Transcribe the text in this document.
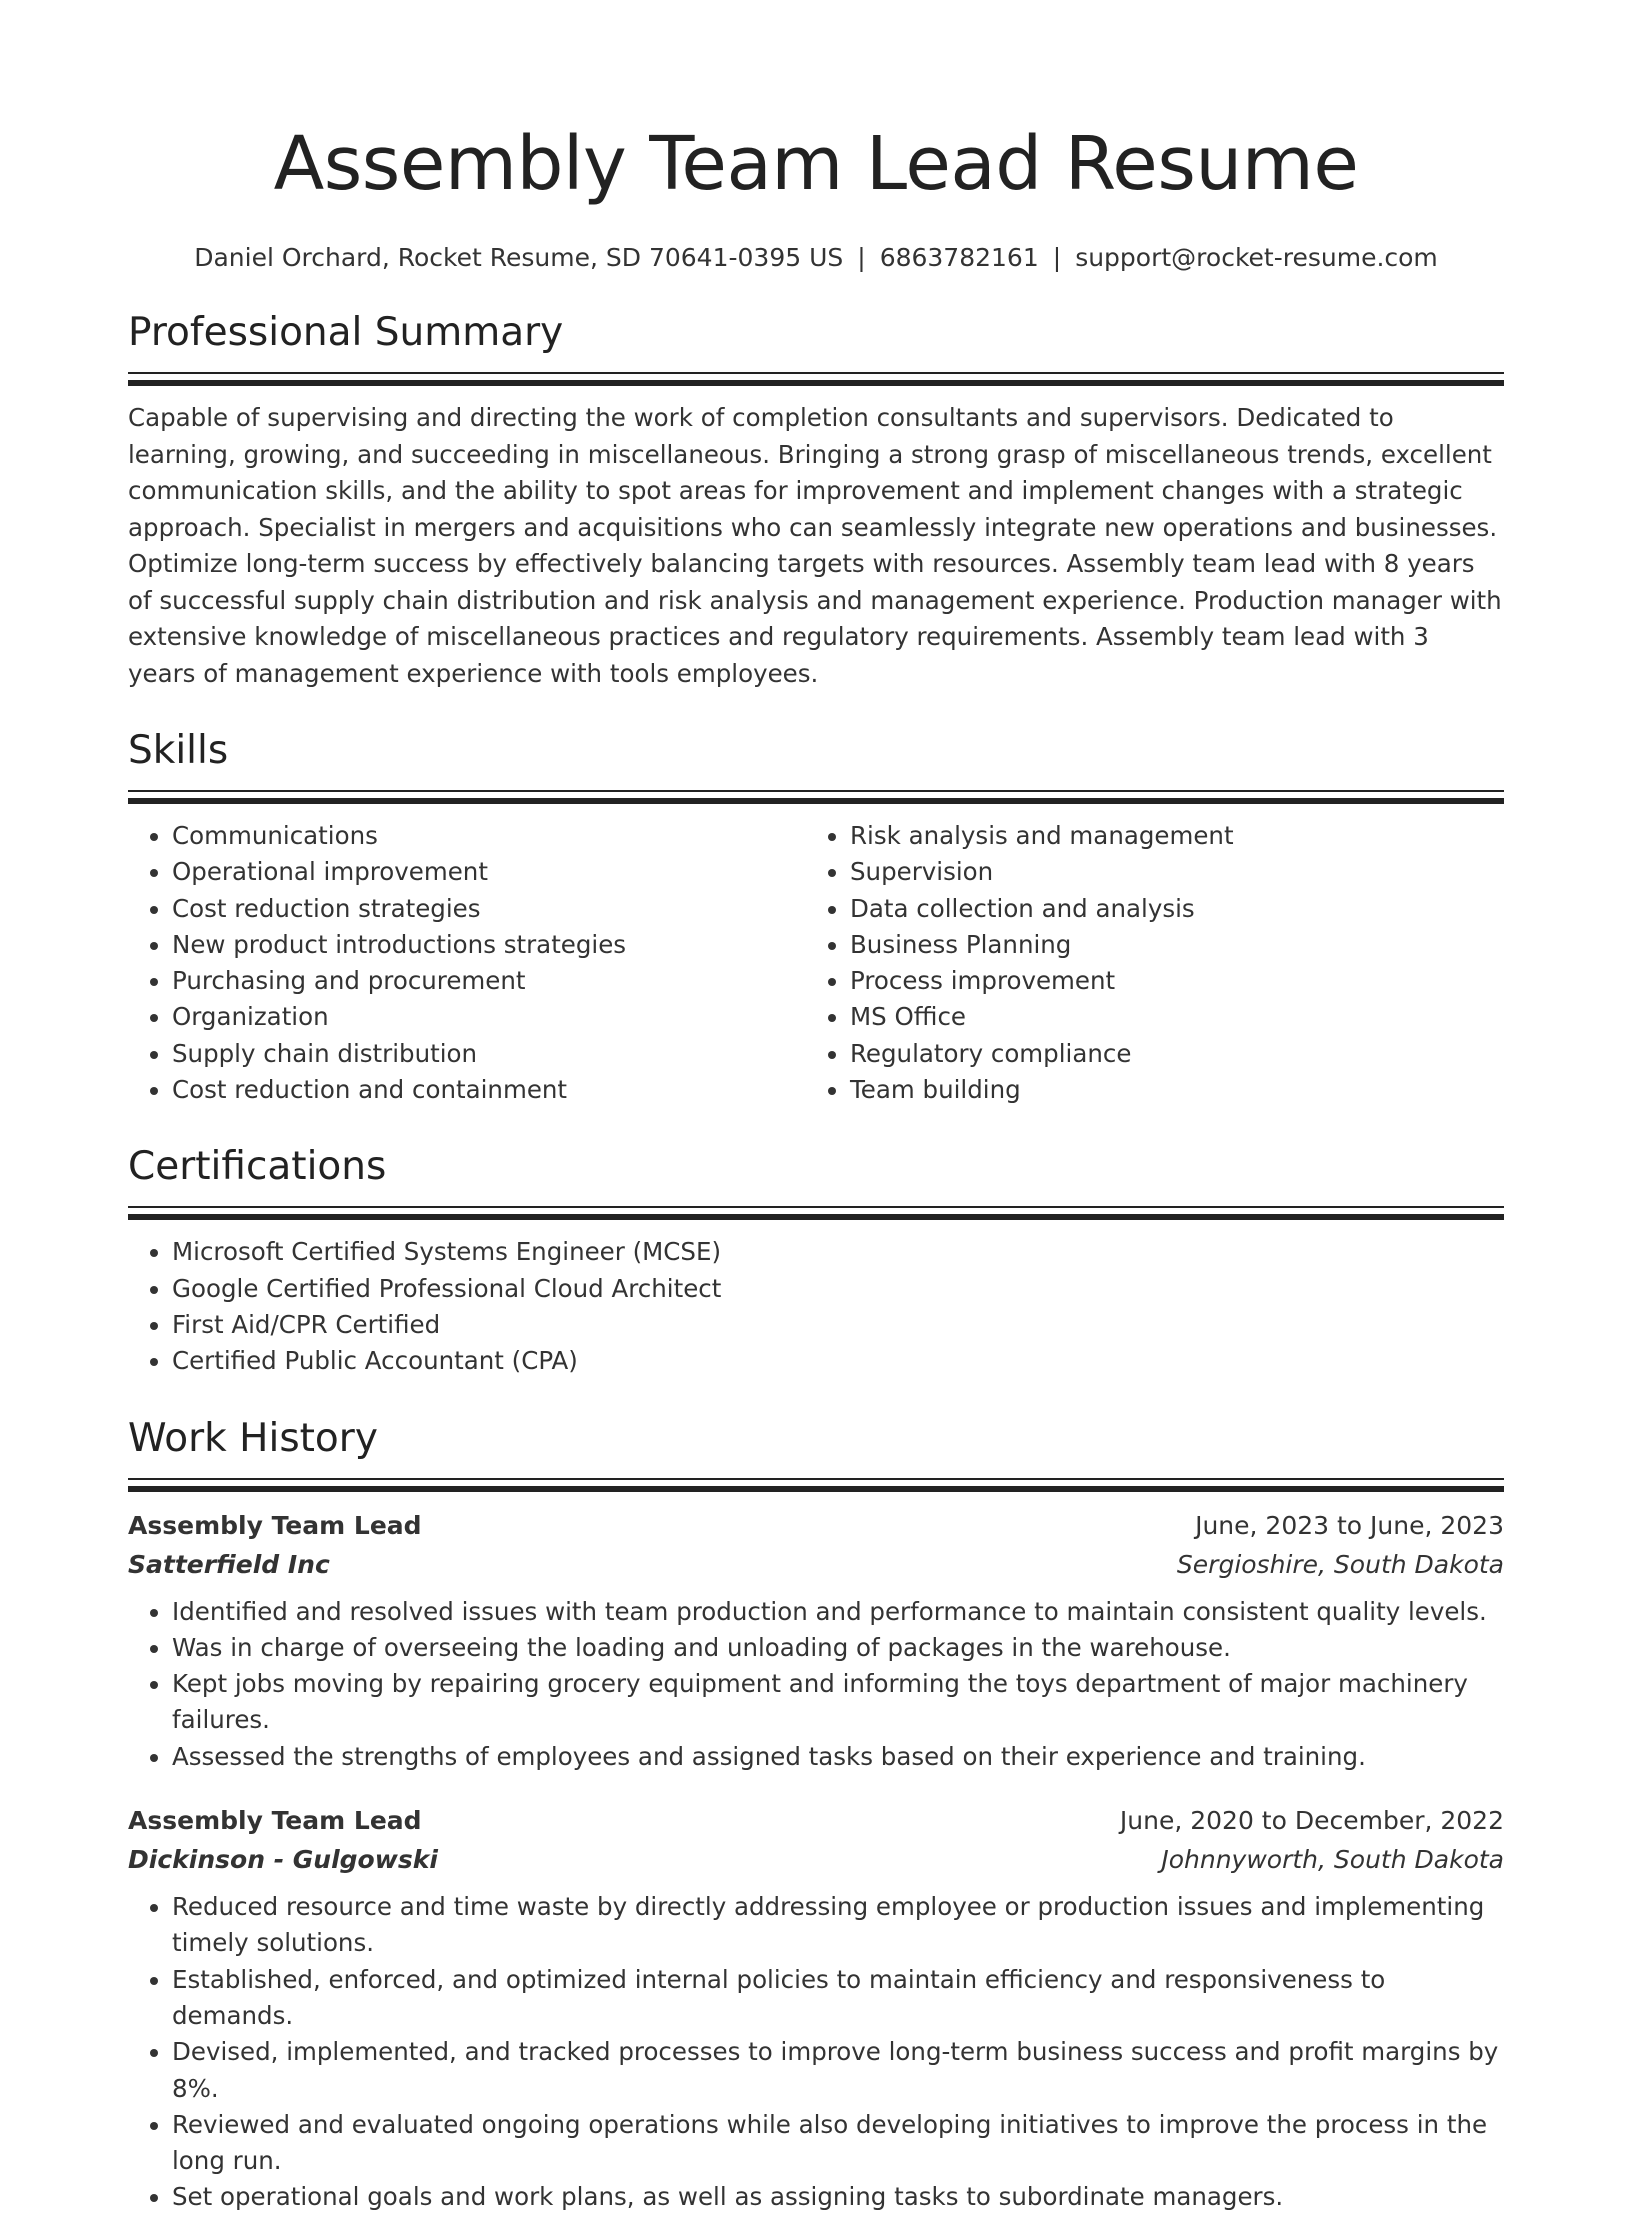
Assembly Team Lead Resume
Daniel Orchard, Rocket Resume, SD 70641-0395 US | 6863782161 | support@rocket-resume.com
Professional Summary

Capable of supervising and directing the work of completion consultants and supervisors. Dedicated to learning, growing, and succeeding in miscellaneous. Bringing a strong grasp of miscellaneous trends, excellent communication skills, and the ability to spot areas for improvement and implement changes with a strategic approach. Specialist in mergers and acquisitions who can seamlessly integrate new operations and businesses. Optimize long-term success by effectively balancing targets with resources. Assembly team lead with 8 years of successful supply chain distribution and risk analysis and management experience. Production manager with extensive knowledge of miscellaneous practices and regulatory requirements. Assembly team lead with 3 years of management experience with tools employees.

Skills
• Communications
• Operational improvement
• Cost reduction strategies
• New product introductions strategies
• Purchasing and procurement
• Organization
• Supply chain distribution
• Cost reduction and containment
• Risk analysis and management
• Supervision
• Data collection and analysis
• Business Planning
• Process improvement
• MS Office
• Regulatory compliance
• Team building
Certifications
• Microsoft Certified Systems Engineer (MCSE)
• Google Certified Professional Cloud Architect
• First Aid/CPR Certified
• Certified Public Accountant (CPA)
Work History
Assembly Team Lead	June, 2023 to June, 2023
Satterfield Inc	Sergioshire, South Dakota
• Identified and resolved issues with team production and performance to maintain consistent quality levels.
• Was in charge of overseeing the loading and unloading of packages in the warehouse.
• Kept jobs moving by repairing grocery equipment and informing the toys department of major machinery failures.
• Assessed the strengths of employees and assigned tasks based on their experience and training.
Assembly Team Lead	June, 2020 to December, 2022
Dickinson - Gulgowski	Johnnyworth, South Dakota
• Reduced resource and time waste by directly addressing employee or production issues and implementing timely solutions.
• Established, enforced, and optimized internal policies to maintain efficiency and responsiveness to demands.
• Devised, implemented, and tracked processes to improve long-term business success and profit margins by 8%.
• Reviewed and evaluated ongoing operations while also developing initiatives to improve the process in the long run.
• Set operational goals and work plans, as well as assigning tasks to subordinate managers.
